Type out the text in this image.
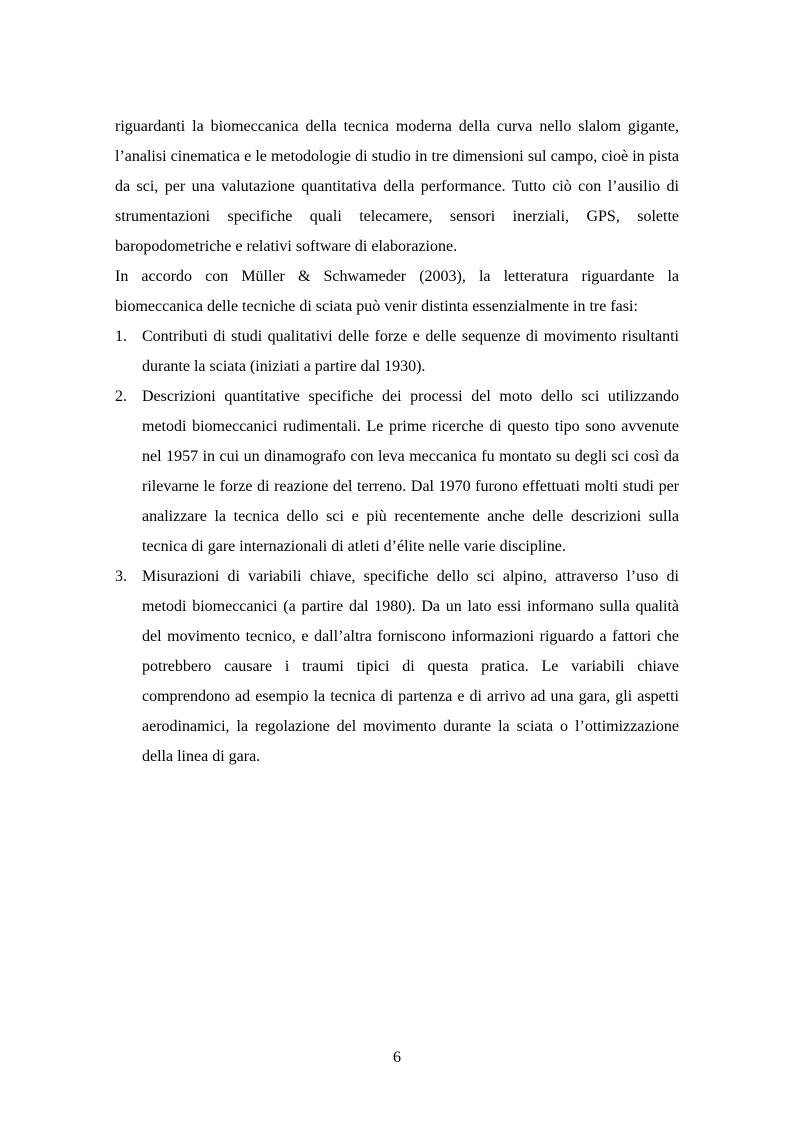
riguardanti la biomeccanica della tecnica moderna della curva nello slalom gigante, l’analisi cinematica e le metodologie di studio in tre dimensioni sul campo, cioè in pista da sci, per una valutazione quantitativa della performance. Tutto ciò con l’ausilio di strumentazioni specifiche quali telecamere, sensori inerziali, GPS, solette baropodometriche e relativi software di elaborazione.

In accordo con Müller & Schwameder (2003), la letteratura riguardante la biomeccanica delle tecniche di sciata può venir distinta essenzialmente in tre fasi:

1. Contributi di studi qualitativi delle forze e delle sequenze di movimento risultanti durante la sciata (iniziati a partire dal 1930).
2. Descrizioni quantitative specifiche dei processi del moto dello sci utilizzando metodi biomeccanici rudimentali. Le prime ricerche di questo tipo sono avvenute nel 1957 in cui un dinamografo con leva meccanica fu montato su degli sci così da rilevarne le forze di reazione del terreno. Dal 1970 furono effettuati molti studi per analizzare la tecnica dello sci e più recentemente anche delle descrizioni sulla tecnica di gare internazionali di atleti d’élite nelle varie discipline.
3. Misurazioni di variabili chiave, specifiche dello sci alpino, attraverso l’uso di metodi biomeccanici (a partire dal 1980). Da un lato essi informano sulla qualità del movimento tecnico, e dall’altra forniscono informazioni riguardo a fattori che potrebbero causare i traumi tipici di questa pratica. Le variabili chiave comprendono ad esempio la tecnica di partenza e di arrivo ad una gara, gli aspetti aerodinamici, la regolazione del movimento durante la sciata o l’ottimizzazione della linea di gara.
6
